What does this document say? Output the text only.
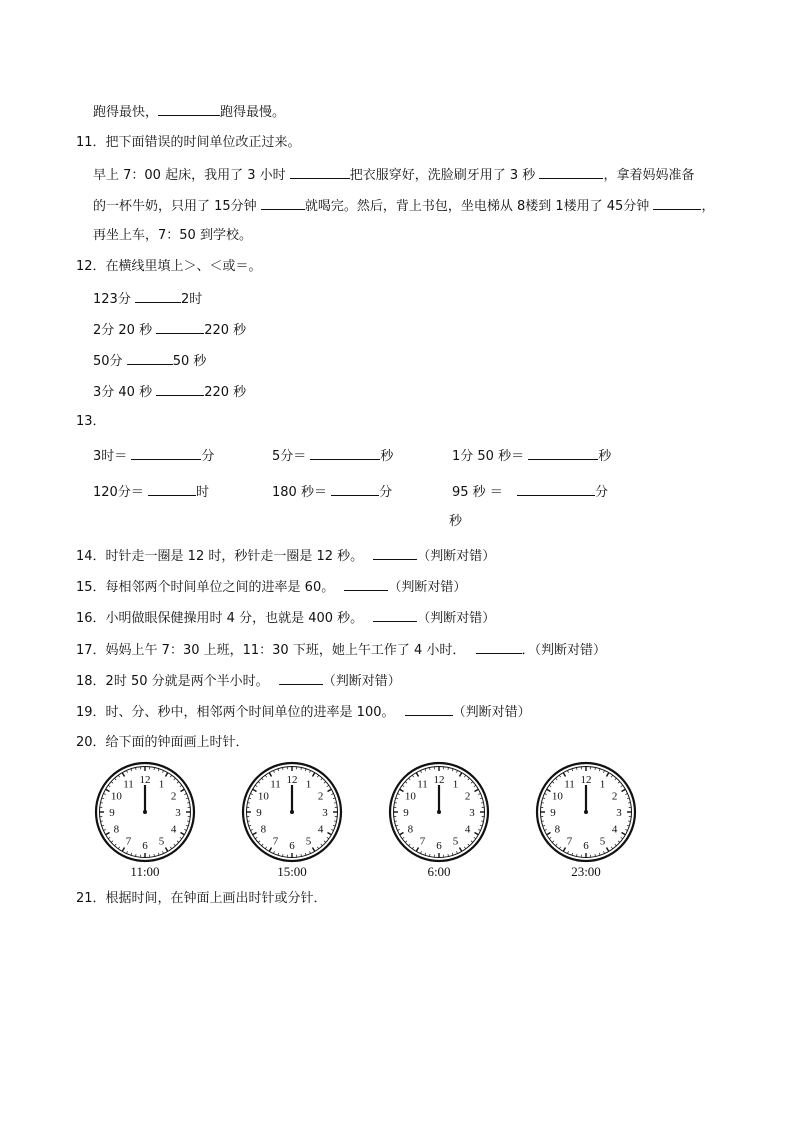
跑得最快，	跑得最慢。
11．把下面错误的时间单位改正过来。
早上 7：00 起床，我用了 3 小时	把衣服穿好，洗脸刷牙用了 3 秒	，拿着妈妈准备
的一杯牛奶，只用了 15分钟	就喝完。然后，背上书包，坐电梯从 8楼到 1楼用了 45分钟	，
再坐上车，7：50 到学校。
12．在横线里填上＞、＜或＝。
123分	2时
2分 20 秒	220 秒
50分	50 秒
3分 40 秒	220 秒
13．
3时＝	分	5分＝	秒	1分 50 秒＝	秒
120分＝	时	180 秒＝	分	95 秒 ＝	分
秒
14．时针走一圈是 12 时，秒针走一圈是 12 秒。	（判断对错）
15．每相邻两个时间单位之间的进率是 60。	（判断对错）
16．小明做眼保健操用时 4 分，也就是 400 秒。	（判断对错）
17．妈妈上午 7：30 上班，11：30 下班，她上午工作了 4 小时．	．（判断对错）
18．2时 50 分就是两个半小时。	（判断对错）
19．时、分、秒中，相邻两个时间单位的进率是 100。	（判断对错）
20．给下面的钟面画上时针．
12 1
2
3
4
5
6
7
8
9
10
11	12 1
2
3
4
5
6
7
8
9
10
11	12 1
2
3
4
5
6
7
8
9
10
11	12 1
2
3
4
5
6
7
8
9
10
11
11:00	15:00	6:00	23:00
21．根据时间，在钟面上画出时针或分针．
